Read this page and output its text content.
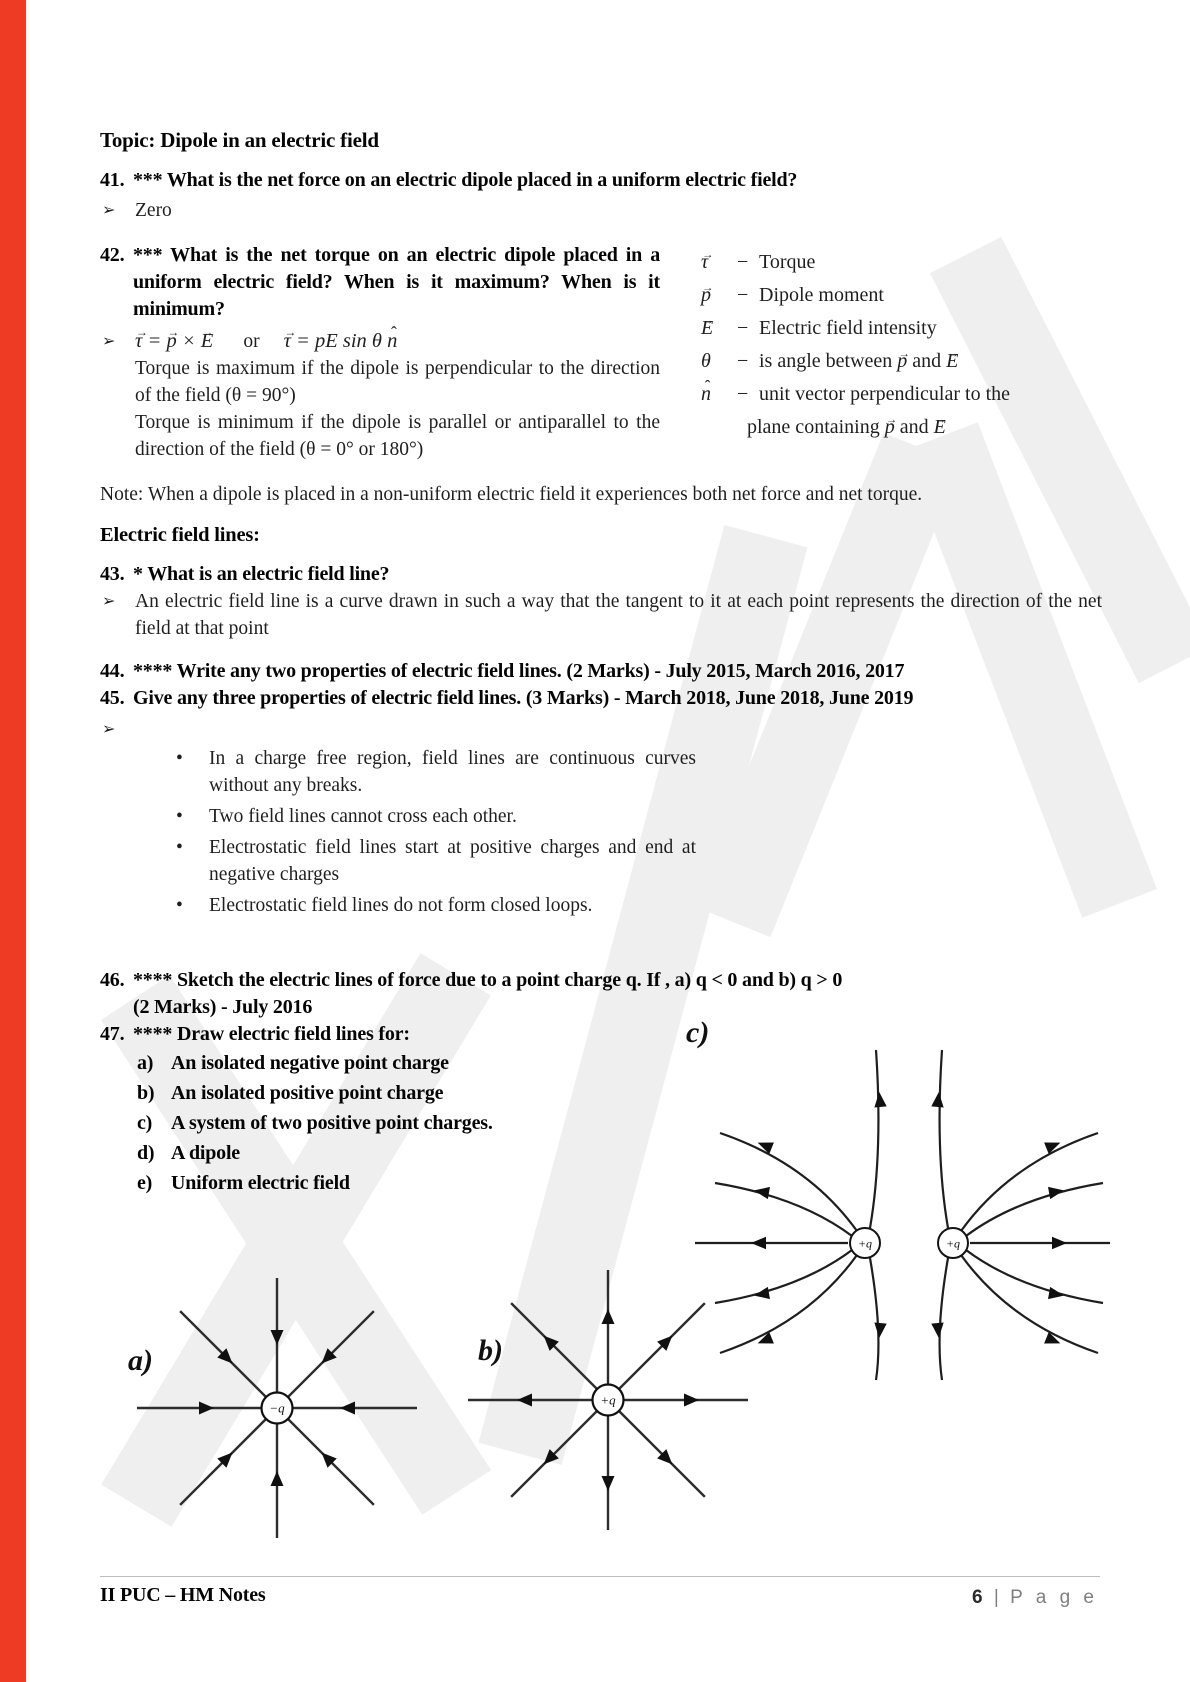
Topic: Dipole in an electric field
41. *** What is the net force on an electric dipole placed in a uniform electric field?
➢	Zero
42. *** What is the net torque on an electric dipole placed in a uniform electric field? When is it maximum? When is it minimum?
➢ → τ = → p × → E or → τ = pE sin θ ˆ n
Torque is maximum if the dipole is perpendicular to the direction of the field (θ = 90°)
Torque is minimum if the dipole is parallel or antiparallel to the direction of the field (θ = 0° or 180°)
→ τ	− Torque
→ p	− Dipole moment
→ E	− Electric field intensity
θ	− is angle between → p and → E
ˆ n	− unit vector perpendicular to the
plane containing → p and → E
Note: When a dipole is placed in a non-uniform electric field it experiences both net force and net torque.
Electric field lines:
43. * What is an electric field line?
➢	An electric field line is a curve drawn in such a way that the tangent to it at each point represents the direction of the net field at that point
44. **** Write any two properties of electric field lines. (2 Marks) - July 2015, March 2016, 2017
45. Give any three properties of electric field lines. (3 Marks) - March 2018, June 2018, June 2019
➢
•	In a charge free region, field lines are continuous curves without any breaks.
•	Two field lines cannot cross each other.
•	Electrostatic field lines start at positive charges and end at negative charges
•	Electrostatic field lines do not form closed loops.
46. **** Sketch the electric lines of force due to a point charge q. If , a) q < 0 and b) q > 0
(2 Marks) - July 2016
47. **** Draw electric field lines for:
a) An isolated negative point charge
b) An isolated positive point charge
c) A system of two positive point charges.
d) A dipole
e) Uniform electric field
c)
+q	+q
a)
−q
b)
+q
II PUC – HM Notes	6 | P a g e
